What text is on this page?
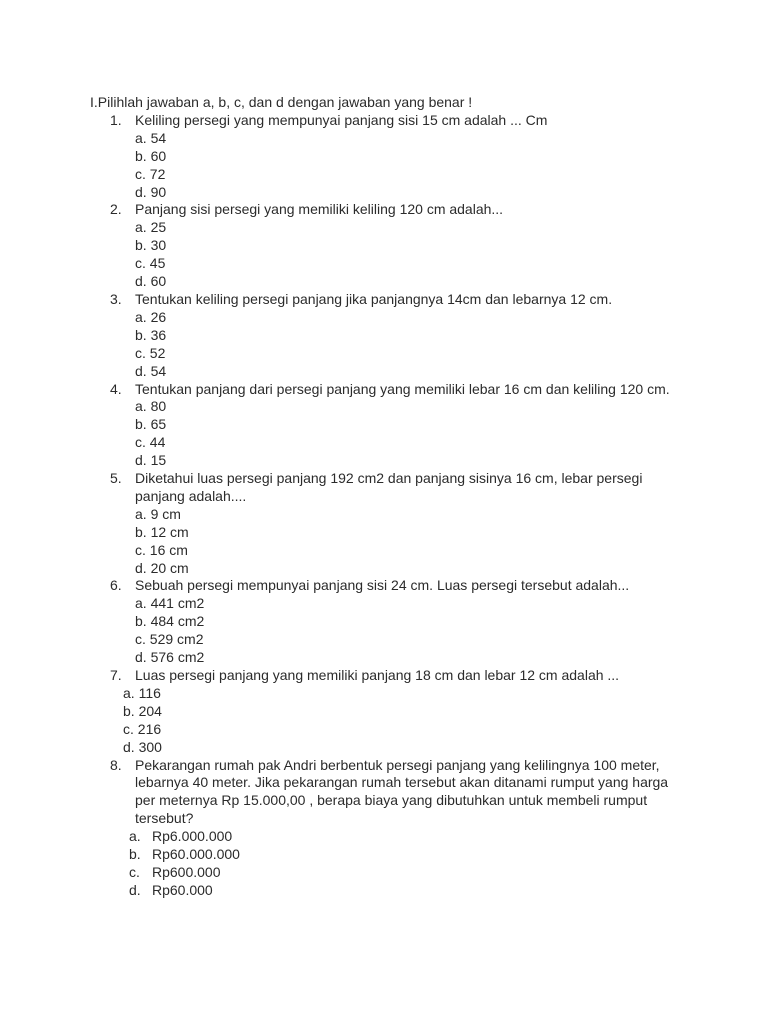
I.Pilihlah jawaban a, b, c, dan d dengan jawaban yang benar !

1. Keliling persegi yang mempunyai panjang sisi 15 cm adalah ... Cm
a. 54
b. 60
c. 72
d. 90
2. Panjang sisi persegi yang memiliki keliling 120 cm adalah...
a. 25
b. 30
c. 45
d. 60
3. Tentukan keliling persegi panjang jika panjangnya 14cm dan lebarnya 12 cm.
a. 26
b. 36
c. 52
d. 54
4. Tentukan panjang dari persegi panjang yang memiliki lebar 16 cm dan keliling 120 cm.
a. 80
b. 65
c. 44
d. 15
5. Diketahui luas persegi panjang 192 cm2 dan panjang sisinya 16 cm, lebar persegi panjang adalah....
a. 9 cm
b. 12 cm
c. 16 cm
d. 20 cm
6. Sebuah persegi mempunyai panjang sisi 24 cm. Luas persegi tersebut adalah...
a. 441 cm2
b. 484 cm2
c. 529 cm2
d. 576 cm2
7. Luas persegi panjang yang memiliki panjang 18 cm dan lebar 12 cm adalah ...
a. 116
b. 204
c. 216
d. 300
8. Pekarangan rumah pak Andri berbentuk persegi panjang yang kelilingnya 100 meter, lebarnya 40 meter. Jika pekarangan rumah tersebut akan ditanami rumput yang harga per meternya Rp 15.000,00 , berapa biaya yang dibutuhkan untuk membeli rumput tersebut?
a. Rp6.000.000
b. Rp60.000.000
c. Rp600.000
d. Rp60.000
